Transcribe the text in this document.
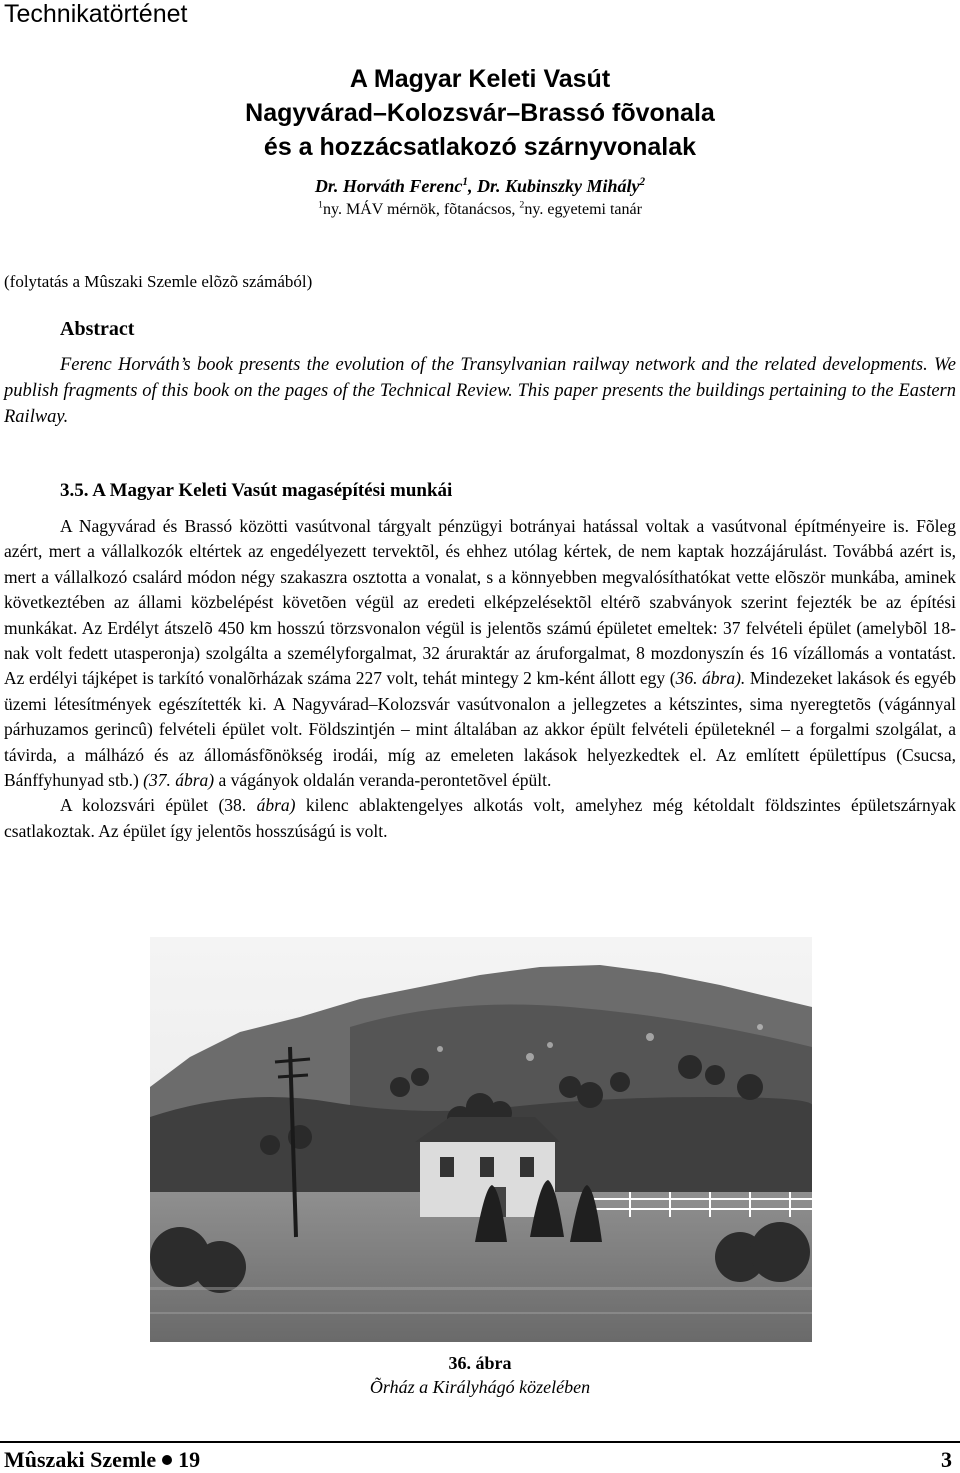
Technikatörténet
A Magyar Keleti Vasút
Nagyvárad–Kolozsvár–Brassó fõvonala
és a hozzácsatlakozó szárnyvonalak
Dr. Horváth Ferenc$^1$, Dr. Kubinszky Mihály$^2$
$^1$ny. MÁV mérnök, fõtanácsos, $^2$ny. egyetemi tanár
(folytatás a Mûszaki Szemle elõzõ számából)
Abstract
Ferenc Horváth’s book presents the evolution of the Transylvanian railway network and the related developments. We publish fragments of this book on the pages of the Technical Review. This paper presents the buildings pertaining to the Eastern Railway.
3.5. A Magyar Keleti Vasút magasépítési munkái

A Nagyvárad és Brassó közötti vasútvonal tárgyalt pénzügyi botrányai hatással voltak a vasútvonal építményeire is. Fõleg azért, mert a vállalkozók eltértek az engedélyezett tervektõl, és ehhez utólag kértek, de nem kaptak hozzájárulást. Továbbá azért is, mert a vállalkozó csalárd módon négy szakaszra osztotta a vonalat, s a könnyebben megvalósíthatókat vette elõször munkába, aminek következtében az állami közbelépést követõen végül az eredeti elképzelésektõl eltérõ szabványok szerint fejezték be az építési munkákat. Az Erdélyt átszelõ 450 km hosszú törzsvonalon végül is jelentõs számú épületet emeltek: 37 felvételi épület (amelybõl 18-nak volt fedett utasperonja) szolgálta a személyforgalmat, 32 áruraktár az áruforgalmat, 8 mozdonyszín és 16 vízállomás a vontatást. Az erdélyi tájképet is tarkító vonalõrházak száma 227 volt, tehát mintegy 2 km-ként állott egy (36. ábra). Mindezeket lakások és egyéb üzemi létesítmények egészítették ki. A Nagyvárad–Kolozsvár vasútvonalon a jellegzetes a kétszintes, sima nyeregtetõs (vágánnyal párhuzamos gerincû) felvételi épület volt. Földszintjén – mint általában az akkor épült felvételi épületeknél – a forgalmi szolgálat, a távirda, a málházó és az állomásfõnökség irodái, míg az emeleten lakások helyezkedtek el. Az említett épülettípus (Csucsa, Bánffyhunyad stb.) (37. ábra) a vágányok oldalán veranda-perontetõvel épült.

A kolozsvári épület (38. ábra) kilenc ablaktengelyes alkotás volt, amelyhez még kétoldalt földszintes épületszárnyak csatlakoztak. Az épület így jelentõs hosszúságú is volt.

36. ábra
Õrház a Királyhágó közelében
Mûszaki Szemle 19	3
